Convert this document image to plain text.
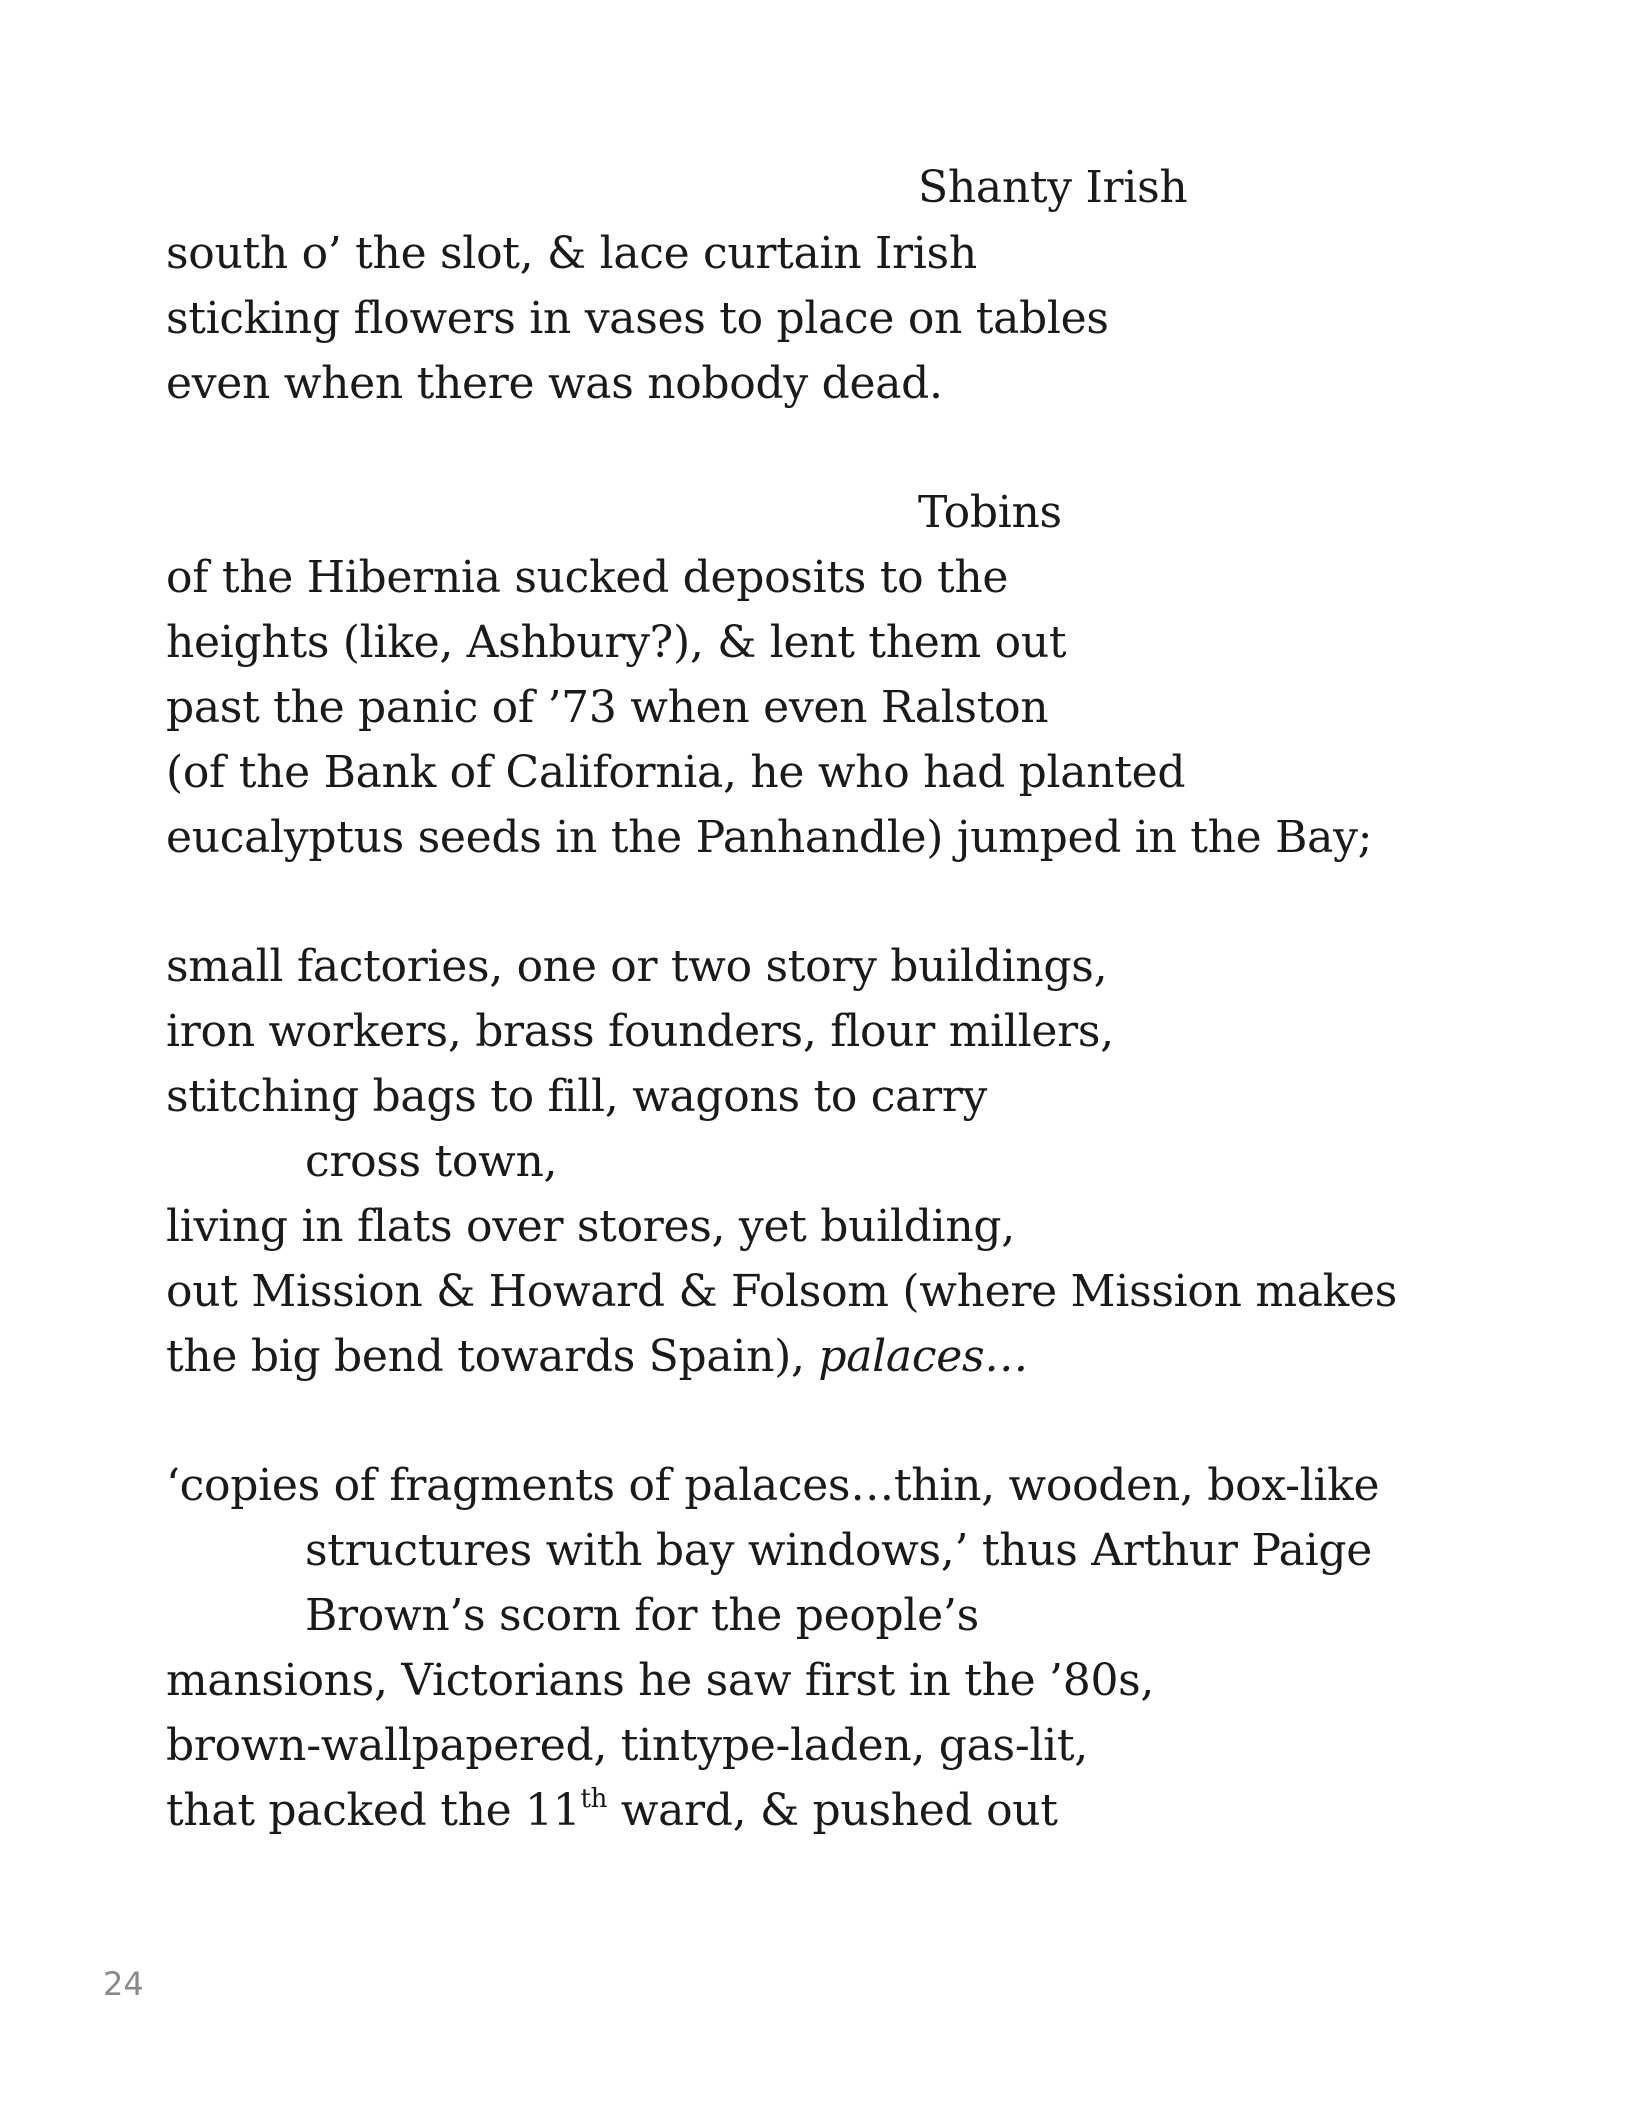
Shanty Irish
south o’ the slot, & lace curtain Irish
sticking flowers in vases to place on tables
even when there was nobody dead.
Tobins
of the Hibernia sucked deposits to the
heights (like, Ashbury?), & lent them out
past the panic of ’73 when even Ralston
(of the Bank of California, he who had planted
eucalyptus seeds in the Panhandle) jumped in the Bay;
small factories, one or two story buildings,
iron workers, brass founders, flour millers,
stitching bags to fill, wagons to carry
cross town,
living in flats over stores, yet building,
out Mission & Howard & Folsom (where Mission makes
the big bend towards Spain), palaces…
‘copies of fragments of palaces…thin, wooden, box-like
structures with bay windows,’ thus Arthur Paige
Brown’s scorn for the people’s
mansions, Victorians he saw first in the ’80s,
brown-wallpapered, tintype-laden, gas-lit,
that packed the 11th ward, & pushed out
24
